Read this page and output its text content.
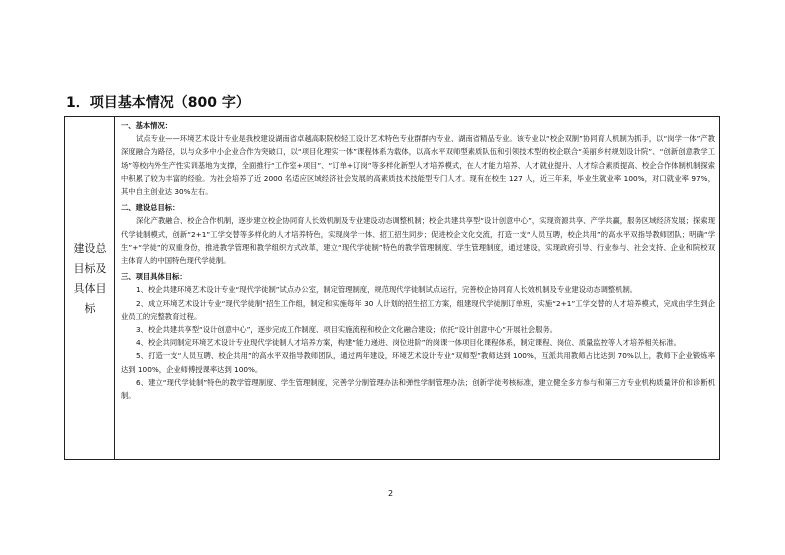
1．项目基本情况（800 字）
建设总目标及具体目标
一、基本情况：
试点专业——环境艺术设计专业是我校建设湖南省卓越高职院校轻工设计艺术特色专业群群内专业、湖南省精品专业。该专业以“校企双制”协同育人机制为抓手，以“岗学一体”产教深度融合为路径，以与众多中小企业合作为突破口，以“项目化理实一体”课程体系为载体，以高水平双师型素质队伍和引领技术型的校企联合“美丽乡村规划设计院”、“创新创意教学工场”等校内外生产性实训基地为支撑，全面推行“工作室+项目”、“订单+订岗”等多样化新型人才培养模式，在人才能力培养、人才就业提升、人才综合素质提高、校企合作体制机制探索中积累了较为丰富的经验。为社会培养了近 2000 名适应区域经济社会发展的高素质技术技能型专门人才。现有在校生 127 人，近三年来，毕业生就业率 100%，对口就业率 97%，其中自主创业达 30%左右。
二、建设总目标：
深化产教融合、校企合作机制，逐步建立校企协同育人长效机制及专业建设动态调整机制；校企共建共享型“设计创意中心”，实现资源共享、产学共赢，服务区域经济发展；探索现代学徒制模式，创新“2+1”工学交替等多样化的人才培养特色，实现岗学一体、招工招生同步；促进校企文化交流，打造一支“人员互聘，校企共用”的高水平双指导教师团队；明确“学生”+“学徒”的双重身份，推进教学管理和教学组织方式改革，建立“现代学徒制”特色的教学管理制度、学生管理制度，通过建设，实现政府引导、行业参与、社会支持、企业和院校双主体育人的中国特色现代学徒制。
三、项目具体目标：
1、校企共建环境艺术设计专业“现代学徒制”试点办公室，制定管理制度，规范现代学徒制试点运行，完善校企协同育人长效机制及专业建设动态调整机制。
2、成立环境艺术设计专业“现代学徒制”招生工作组，制定和实施每年 30 人计划的招生招工方案，组建现代学徒制订单班，实施“2+1”工学交替的人才培养模式，完成由学生到企业员工的完整教育过程。
3、校企共建共享型“设计创意中心”，逐步完成工作制度、项目实施流程和校企文化融合建设；依托“设计创意中心”开展社会服务。
4、校企共同制定环境艺术设计专业现代学徒制人才培养方案，构建“能力递进、岗位进阶”的岗课一体项目化课程体系，制定课程、岗位、质量监控等人才培养相关标准。
5、打造一支“人员互聘、校企共用”的高水平双指导教师团队，通过两年建设，环境艺术设计专业“双师型”教师达到 100%，互派共用教师占比达到 70%以上，教师下企业锻炼率达到 100%，企业师傅授课率达到 100%。
6、建立“现代学徒制”特色的教学管理制度、学生管理制度，完善学分制管理办法和弹性学制管理办法；创新学徒考核标准，建立健全多方参与和第三方专业机构质量评价和诊断机制。
2
